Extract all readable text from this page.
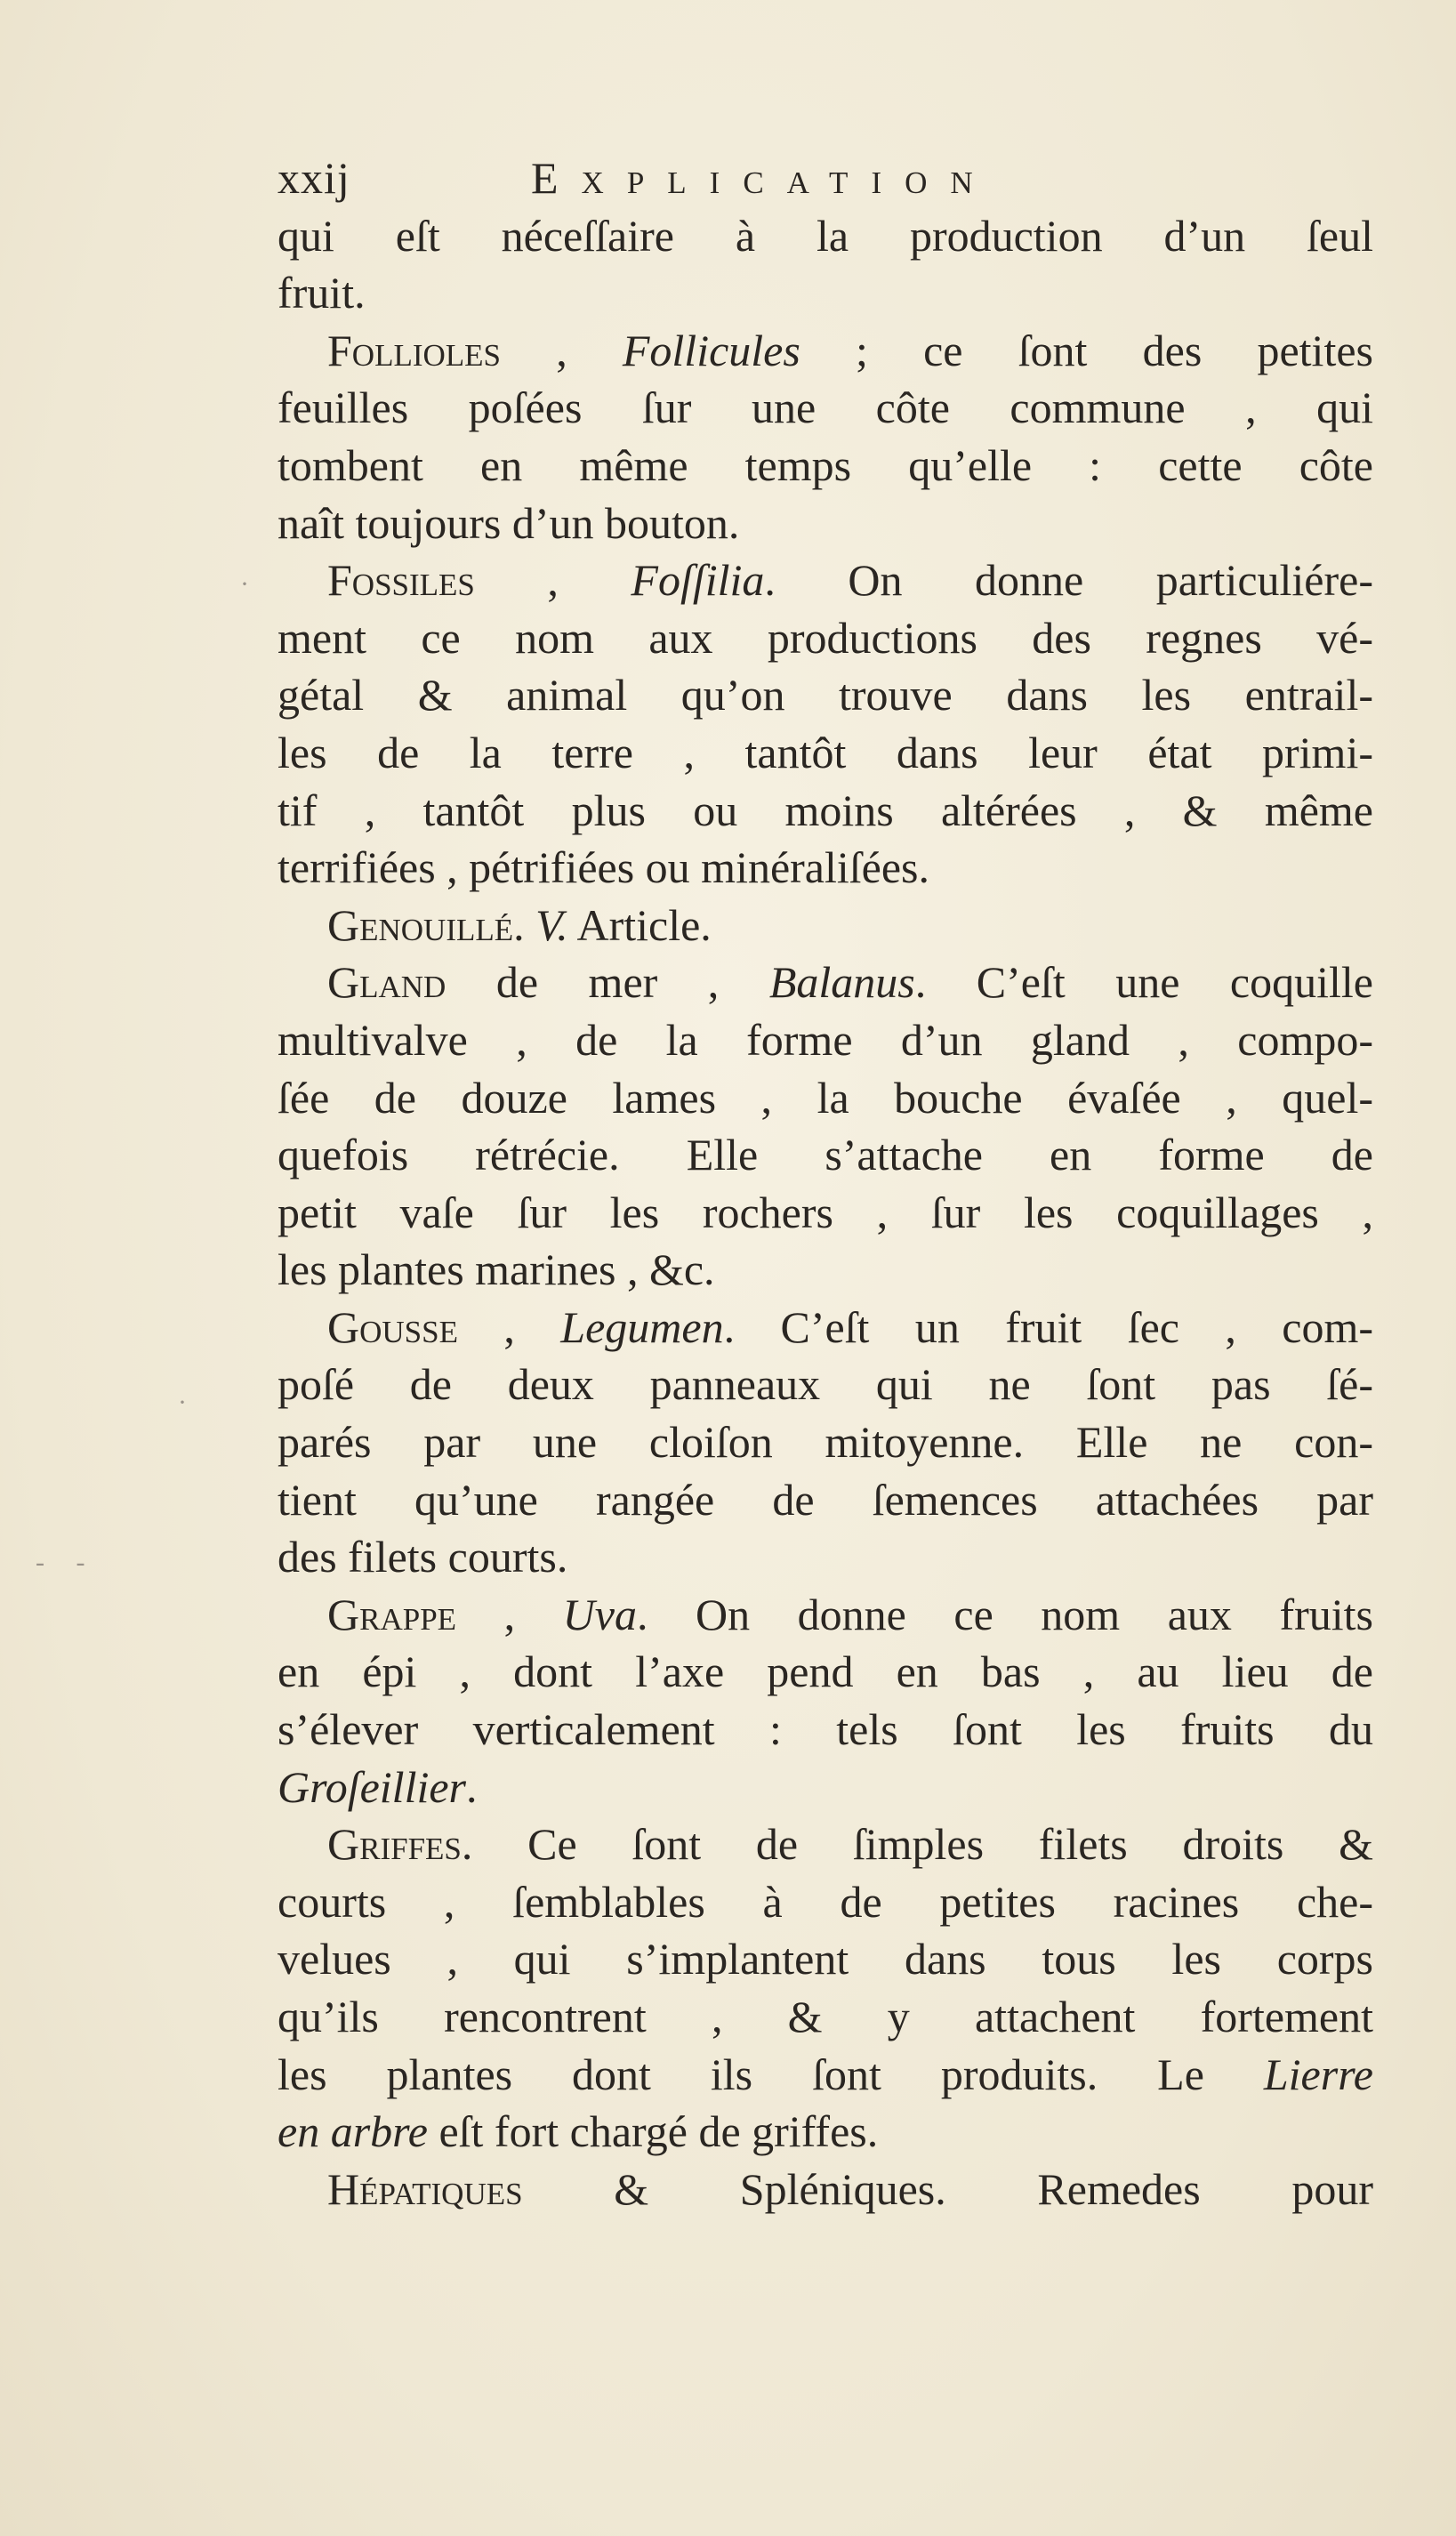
·
·
- -
xxij	Explication
qui eſt néceſſaire à la production d’un ſeul
fruit.
Follioles , Follicules ; ce ſont des petites
feuilles poſées ſur une côte commune , qui
tombent en même temps qu’elle : cette côte
naît toujours d’un bouton.
Fossiles , Foſſilia. On donne particuliére-
ment ce nom aux productions des regnes vé-
gétal & animal qu’on trouve dans les entrail-
les de la terre , tantôt dans leur état primi-
tif , tantôt plus ou moins altérées , & même
terrifiées , pétrifiées ou minéraliſées.
Genouillé. V. Article.
Gland de mer , Balanus. C’eſt une coquille
multivalve , de la forme d’un gland , compo-
ſée de douze lames , la bouche évaſée , quel-
quefois rétrécie. Elle s’attache en forme de
petit vaſe ſur les rochers , ſur les coquillages ,
les plantes marines , &c.
Gousse , Legumen. C’eſt un fruit ſec , com-
poſé de deux panneaux qui ne ſont pas ſé-
parés par une cloiſon mitoyenne. Elle ne con-
tient qu’une rangée de ſemences attachées par
des filets courts.
Grappe , Uva. On donne ce nom aux fruits
en épi , dont l’axe pend en bas , au lieu de
s’élever verticalement : tels ſont les fruits du
Groſeillier.
Griffes. Ce ſont de ſimples filets droits &
courts , ſemblables à de petites racines che-
velues , qui s’implantent dans tous les corps
qu’ils rencontrent , & y attachent fortement
les plantes dont ils ſont produits. Le Lierre
en arbre eſt fort chargé de griffes.
Hépatiques & Spléniques. Remedes pour
